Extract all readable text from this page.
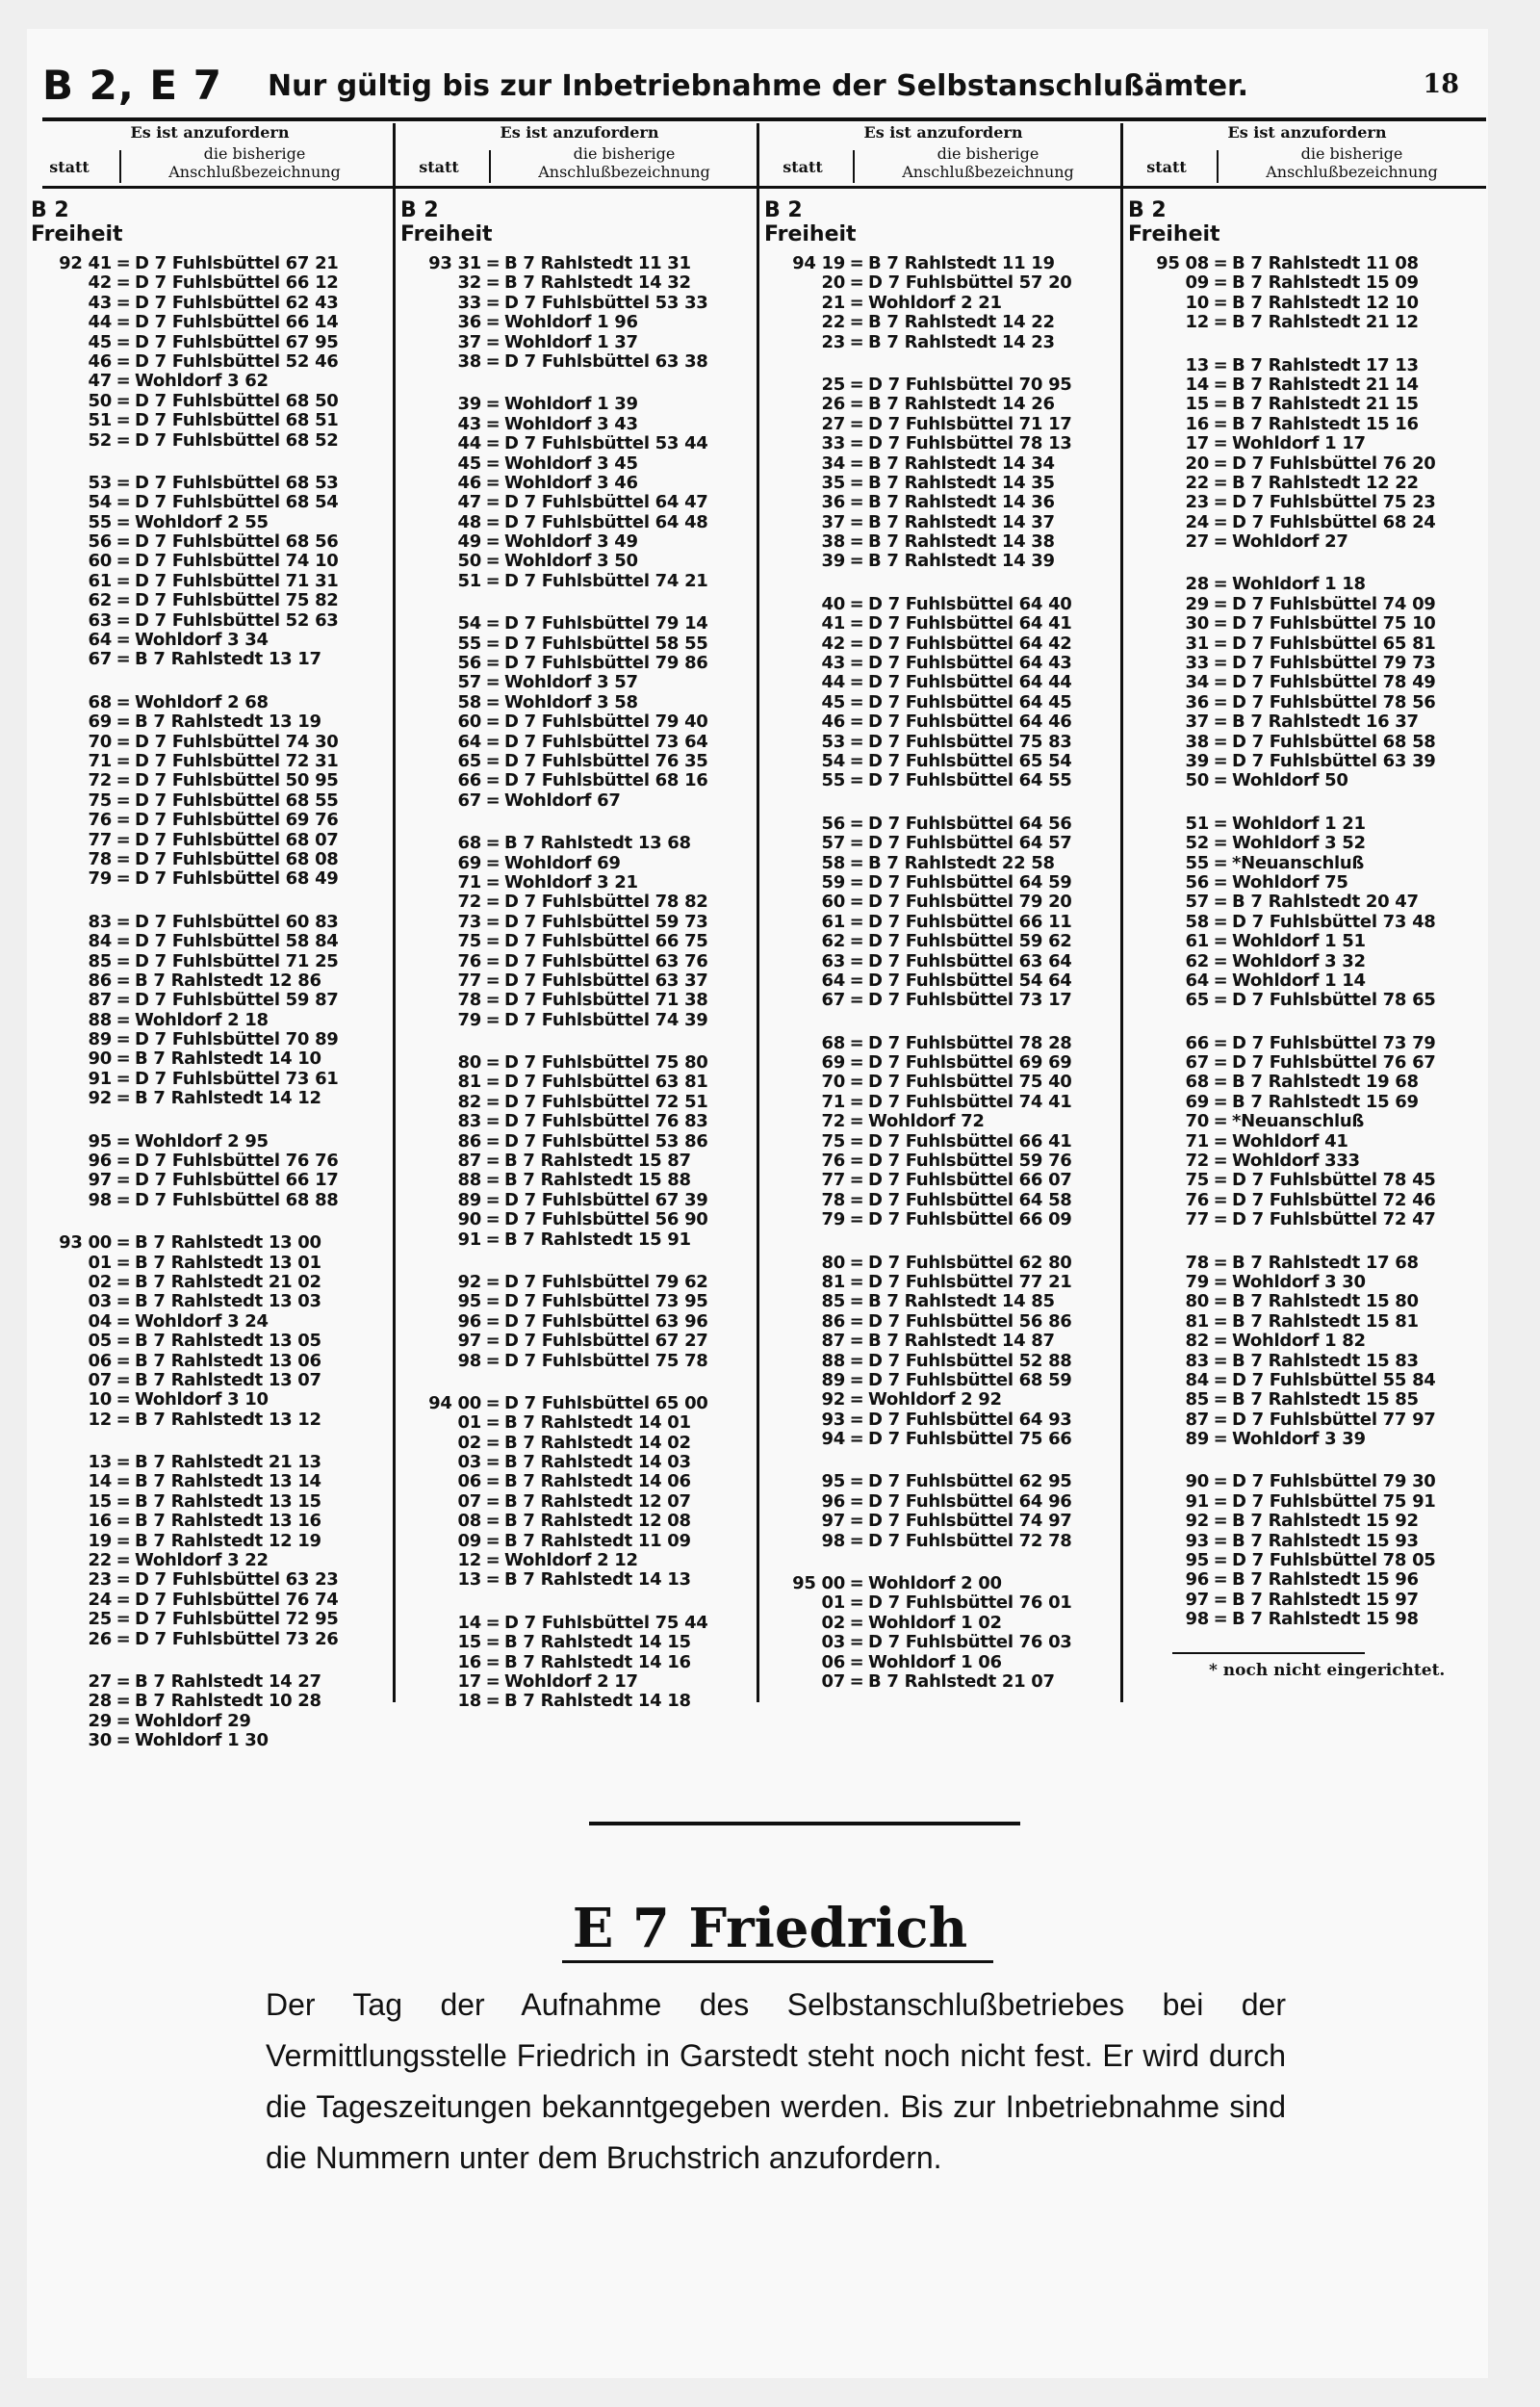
B 2, E 7 Nur gültig bis zur Inbetriebnahme der Selbstanschlußämter.	18
Es ist anzufordern
statt
die bisherige Anschlußbezeichnung
B 2
Freiheit
92 41 = D 7 Fuhlsbüttel 67 21
42 = D 7 Fuhlsbüttel 66 12
43 = D 7 Fuhlsbüttel 62 43
44 = D 7 Fuhlsbüttel 66 14
45 = D 7 Fuhlsbüttel 67 95
46 = D 7 Fuhlsbüttel 52 46
47 = Wohldorf 3 62
50 = D 7 Fuhlsbüttel 68 50
51 = D 7 Fuhlsbüttel 68 51
52 = D 7 Fuhlsbüttel 68 52
53 = D 7 Fuhlsbüttel 68 53
54 = D 7 Fuhlsbüttel 68 54
55 = Wohldorf 2 55
56 = D 7 Fuhlsbüttel 68 56
60 = D 7 Fuhlsbüttel 74 10
61 = D 7 Fuhlsbüttel 71 31
62 = D 7 Fuhlsbüttel 75 82
63 = D 7 Fuhlsbüttel 52 63
64 = Wohldorf 3 34
67 = B 7 Rahlstedt 13 17
68 = Wohldorf 2 68
69 = B 7 Rahlstedt 13 19
70 = D 7 Fuhlsbüttel 74 30
71 = D 7 Fuhlsbüttel 72 31
72 = D 7 Fuhlsbüttel 50 95
75 = D 7 Fuhlsbüttel 68 55
76 = D 7 Fuhlsbüttel 69 76
77 = D 7 Fuhlsbüttel 68 07
78 = D 7 Fuhlsbüttel 68 08
79 = D 7 Fuhlsbüttel 68 49
83 = D 7 Fuhlsbüttel 60 83
84 = D 7 Fuhlsbüttel 58 84
85 = D 7 Fuhlsbüttel 71 25
86 = B 7 Rahlstedt 12 86
87 = D 7 Fuhlsbüttel 59 87
88 = Wohldorf 2 18
89 = D 7 Fuhlsbüttel 70 89
90 = B 7 Rahlstedt 14 10
91 = D 7 Fuhlsbüttel 73 61
92 = B 7 Rahlstedt 14 12
95 = Wohldorf 2 95
96 = D 7 Fuhlsbüttel 76 76
97 = D 7 Fuhlsbüttel 66 17
98 = D 7 Fuhlsbüttel 68 88
93 00 = B 7 Rahlstedt 13 00
01 = B 7 Rahlstedt 13 01
02 = B 7 Rahlstedt 21 02
03 = B 7 Rahlstedt 13 03
04 = Wohldorf 3 24
05 = B 7 Rahlstedt 13 05
06 = B 7 Rahlstedt 13 06
07 = B 7 Rahlstedt 13 07
10 = Wohldorf 3 10
12 = B 7 Rahlstedt 13 12
13 = B 7 Rahlstedt 21 13
14 = B 7 Rahlstedt 13 14
15 = B 7 Rahlstedt 13 15
16 = B 7 Rahlstedt 13 16
19 = B 7 Rahlstedt 12 19
22 = Wohldorf 3 22
23 = D 7 Fuhlsbüttel 63 23
24 = D 7 Fuhlsbüttel 76 74
25 = D 7 Fuhlsbüttel 72 95
26 = D 7 Fuhlsbüttel 73 26
27 = B 7 Rahlstedt 14 27
28 = B 7 Rahlstedt 10 28
29 = Wohldorf 29
30 = Wohldorf 1 30
Es ist anzufordern
statt
die bisherige Anschlußbezeichnung
B 2
Freiheit
93 31 = B 7 Rahlstedt 11 31
32 = B 7 Rahlstedt 14 32
33 = D 7 Fuhlsbüttel 53 33
36 = Wohldorf 1 96
37 = Wohldorf 1 37
38 = D 7 Fuhlsbüttel 63 38
39 = Wohldorf 1 39
43 = Wohldorf 3 43
44 = D 7 Fuhlsbüttel 53 44
45 = Wohldorf 3 45
46 = Wohldorf 3 46
47 = D 7 Fuhlsbüttel 64 47
48 = D 7 Fuhlsbüttel 64 48
49 = Wohldorf 3 49
50 = Wohldorf 3 50
51 = D 7 Fuhlsbüttel 74 21
54 = D 7 Fuhlsbüttel 79 14
55 = D 7 Fuhlsbüttel 58 55
56 = D 7 Fuhlsbüttel 79 86
57 = Wohldorf 3 57
58 = Wohldorf 3 58
60 = D 7 Fuhlsbüttel 79 40
64 = D 7 Fuhlsbüttel 73 64
65 = D 7 Fuhlsbüttel 76 35
66 = D 7 Fuhlsbüttel 68 16
67 = Wohldorf 67
68 = B 7 Rahlstedt 13 68
69 = Wohldorf 69
71 = Wohldorf 3 21
72 = D 7 Fuhlsbüttel 78 82
73 = D 7 Fuhlsbüttel 59 73
75 = D 7 Fuhlsbüttel 66 75
76 = D 7 Fuhlsbüttel 63 76
77 = D 7 Fuhlsbüttel 63 37
78 = D 7 Fuhlsbüttel 71 38
79 = D 7 Fuhlsbüttel 74 39
80 = D 7 Fuhlsbüttel 75 80
81 = D 7 Fuhlsbüttel 63 81
82 = D 7 Fuhlsbüttel 72 51
83 = D 7 Fuhlsbüttel 76 83
86 = D 7 Fuhlsbüttel 53 86
87 = B 7 Rahlstedt 15 87
88 = B 7 Rahlstedt 15 88
89 = D 7 Fuhlsbüttel 67 39
90 = D 7 Fuhlsbüttel 56 90
91 = B 7 Rahlstedt 15 91
92 = D 7 Fuhlsbüttel 79 62
95 = D 7 Fuhlsbüttel 73 95
96 = D 7 Fuhlsbüttel 63 96
97 = D 7 Fuhlsbüttel 67 27
98 = D 7 Fuhlsbüttel 75 78
94 00 = D 7 Fuhlsbüttel 65 00
01 = B 7 Rahlstedt 14 01
02 = B 7 Rahlstedt 14 02
03 = B 7 Rahlstedt 14 03
06 = B 7 Rahlstedt 14 06
07 = B 7 Rahlstedt 12 07
08 = B 7 Rahlstedt 12 08
09 = B 7 Rahlstedt 11 09
12 = Wohldorf 2 12
13 = B 7 Rahlstedt 14 13
14 = D 7 Fuhlsbüttel 75 44
15 = B 7 Rahlstedt 14 15
16 = B 7 Rahlstedt 14 16
17 = Wohldorf 2 17
18 = B 7 Rahlstedt 14 18
Es ist anzufordern
statt
die bisherige Anschlußbezeichnung
B 2
Freiheit
94 19 = B 7 Rahlstedt 11 19
20 = D 7 Fuhlsbüttel 57 20
21 = Wohldorf 2 21
22 = B 7 Rahlstedt 14 22
23 = B 7 Rahlstedt 14 23
25 = D 7 Fuhlsbüttel 70 95
26 = B 7 Rahlstedt 14 26
27 = D 7 Fuhlsbüttel 71 17
33 = D 7 Fuhlsbüttel 78 13
34 = B 7 Rahlstedt 14 34
35 = B 7 Rahlstedt 14 35
36 = B 7 Rahlstedt 14 36
37 = B 7 Rahlstedt 14 37
38 = B 7 Rahlstedt 14 38
39 = B 7 Rahlstedt 14 39
40 = D 7 Fuhlsbüttel 64 40
41 = D 7 Fuhlsbüttel 64 41
42 = D 7 Fuhlsbüttel 64 42
43 = D 7 Fuhlsbüttel 64 43
44 = D 7 Fuhlsbüttel 64 44
45 = D 7 Fuhlsbüttel 64 45
46 = D 7 Fuhlsbüttel 64 46
53 = D 7 Fuhlsbüttel 75 83
54 = D 7 Fuhlsbüttel 65 54
55 = D 7 Fuhlsbüttel 64 55
56 = D 7 Fuhlsbüttel 64 56
57 = D 7 Fuhlsbüttel 64 57
58 = B 7 Rahlstedt 22 58
59 = D 7 Fuhlsbüttel 64 59
60 = D 7 Fuhlsbüttel 79 20
61 = D 7 Fuhlsbüttel 66 11
62 = D 7 Fuhlsbüttel 59 62
63 = D 7 Fuhlsbüttel 63 64
64 = D 7 Fuhlsbüttel 54 64
67 = D 7 Fuhlsbüttel 73 17
68 = D 7 Fuhlsbüttel 78 28
69 = D 7 Fuhlsbüttel 69 69
70 = D 7 Fuhlsbüttel 75 40
71 = D 7 Fuhlsbüttel 74 41
72 = Wohldorf 72
75 = D 7 Fuhlsbüttel 66 41
76 = D 7 Fuhlsbüttel 59 76
77 = D 7 Fuhlsbüttel 66 07
78 = D 7 Fuhlsbüttel 64 58
79 = D 7 Fuhlsbüttel 66 09
80 = D 7 Fuhlsbüttel 62 80
81 = D 7 Fuhlsbüttel 77 21
85 = B 7 Rahlstedt 14 85
86 = D 7 Fuhlsbüttel 56 86
87 = B 7 Rahlstedt 14 87
88 = D 7 Fuhlsbüttel 52 88
89 = D 7 Fuhlsbüttel 68 59
92 = Wohldorf 2 92
93 = D 7 Fuhlsbüttel 64 93
94 = D 7 Fuhlsbüttel 75 66
95 = D 7 Fuhlsbüttel 62 95
96 = D 7 Fuhlsbüttel 64 96
97 = D 7 Fuhlsbüttel 74 97
98 = D 7 Fuhlsbüttel 72 78
95 00 = Wohldorf 2 00
01 = D 7 Fuhlsbüttel 76 01
02 = Wohldorf 1 02
03 = D 7 Fuhlsbüttel 76 03
06 = Wohldorf 1 06
07 = B 7 Rahlstedt 21 07
Es ist anzufordern
statt
die bisherige Anschlußbezeichnung
B 2
Freiheit
95 08 = B 7 Rahlstedt 11 08
09 = B 7 Rahlstedt 15 09
10 = B 7 Rahlstedt 12 10
12 = B 7 Rahlstedt 21 12
13 = B 7 Rahlstedt 17 13
14 = B 7 Rahlstedt 21 14
15 = B 7 Rahlstedt 21 15
16 = B 7 Rahlstedt 15 16
17 = Wohldorf 1 17
20 = D 7 Fuhlsbüttel 76 20
22 = B 7 Rahlstedt 12 22
23 = D 7 Fuhlsbüttel 75 23
24 = D 7 Fuhlsbüttel 68 24
27 = Wohldorf 27
28 = Wohldorf 1 18
29 = D 7 Fuhlsbüttel 74 09
30 = D 7 Fuhlsbüttel 75 10
31 = D 7 Fuhlsbüttel 65 81
33 = D 7 Fuhlsbüttel 79 73
34 = D 7 Fuhlsbüttel 78 49
36 = D 7 Fuhlsbüttel 78 56
37 = B 7 Rahlstedt 16 37
38 = D 7 Fuhlsbüttel 68 58
39 = D 7 Fuhlsbüttel 63 39
50 = Wohldorf 50
51 = Wohldorf 1 21
52 = Wohldorf 3 52
55 = *Neuanschluß
56 = Wohldorf 75
57 = B 7 Rahlstedt 20 47
58 = D 7 Fuhlsbüttel 73 48
61 = Wohldorf 1 51
62 = Wohldorf 3 32
64 = Wohldorf 1 14
65 = D 7 Fuhlsbüttel 78 65
66 = D 7 Fuhlsbüttel 73 79
67 = D 7 Fuhlsbüttel 76 67
68 = B 7 Rahlstedt 19 68
69 = B 7 Rahlstedt 15 69
70 = *Neuanschluß
71 = Wohldorf 41
72 = Wohldorf 333
75 = D 7 Fuhlsbüttel 78 45
76 = D 7 Fuhlsbüttel 72 46
77 = D 7 Fuhlsbüttel 72 47
78 = B 7 Rahlstedt 17 68
79 = Wohldorf 3 30
80 = B 7 Rahlstedt 15 80
81 = B 7 Rahlstedt 15 81
82 = Wohldorf 1 82
83 = B 7 Rahlstedt 15 83
84 = D 7 Fuhlsbüttel 55 84
85 = B 7 Rahlstedt 15 85
87 = D 7 Fuhlsbüttel 77 97
89 = Wohldorf 3 39
90 = D 7 Fuhlsbüttel 79 30
91 = D 7 Fuhlsbüttel 75 91
92 = B 7 Rahlstedt 15 92
93 = B 7 Rahlstedt 15 93
95 = D 7 Fuhlsbüttel 78 05
96 = B 7 Rahlstedt 15 96
97 = B 7 Rahlstedt 15 97
98 = B 7 Rahlstedt 15 98
* noch nicht eingerichtet.
E 7 Friedrich
Der Tag der Aufnahme des Selbstanschlußbetriebes bei der Vermittlungsstelle Friedrich in Garstedt steht noch nicht fest. Er wird durch die Tageszeitungen bekanntgegeben werden. Bis zur Inbetriebnahme sind die Nummern unter dem Bruchstrich anzufordern.
